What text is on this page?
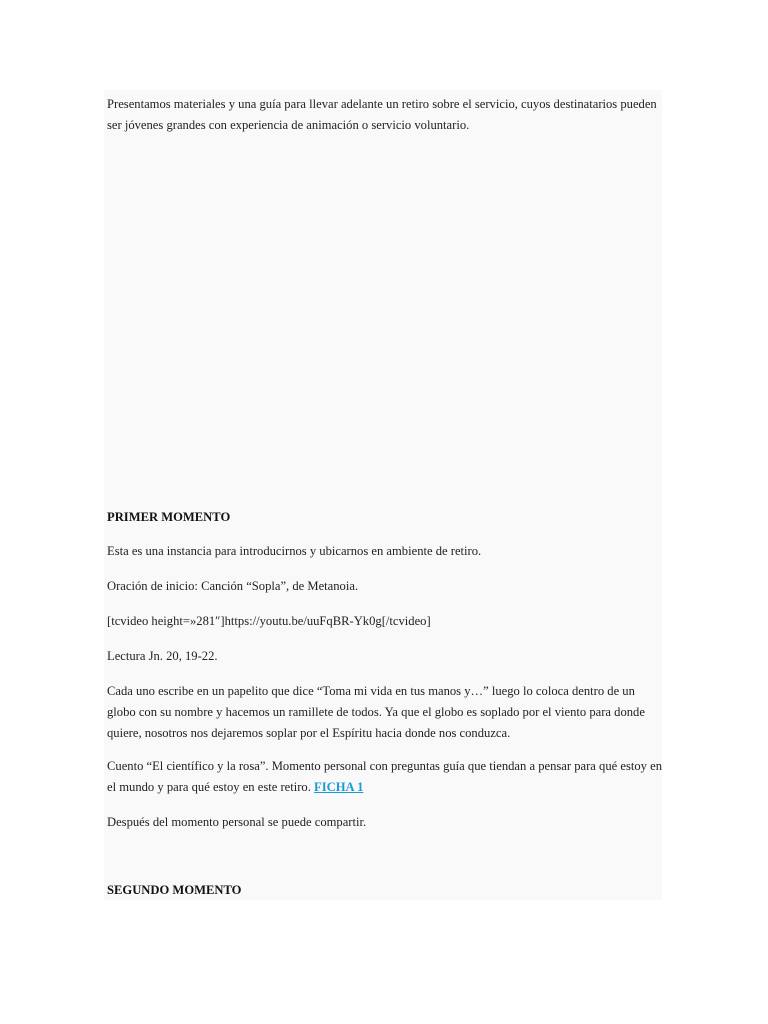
Presentamos materiales y una guía para llevar adelante un retiro sobre el servicio, cuyos destinatarios pueden ser jóvenes grandes con experiencia de animación o servicio voluntario.

PRIMER MOMENTO

Esta es una instancia para introducirnos y ubicarnos en ambiente de retiro.

Oración de inicio: Canción “Sopla”, de Metanoia.

[tcvideo height=»281″]https://youtu.be/uuFqBR-Yk0g[/tcvideo]

Lectura Jn. 20, 19-22.

Cada uno escribe en un papelito que dice “Toma mi vida en tus manos y…” luego lo coloca dentro de un globo con su nombre y hacemos un ramillete de todos. Ya que el globo es soplado por el viento para donde quiere, nosotros nos dejaremos soplar por el Espíritu hacia donde nos conduzca.

Cuento “El científico y la rosa”. Momento personal con preguntas guía que tiendan a pensar para qué estoy en el mundo y para qué estoy en este retiro. FICHA 1

Después del momento personal se puede compartir.

SEGUNDO MOMENTO
